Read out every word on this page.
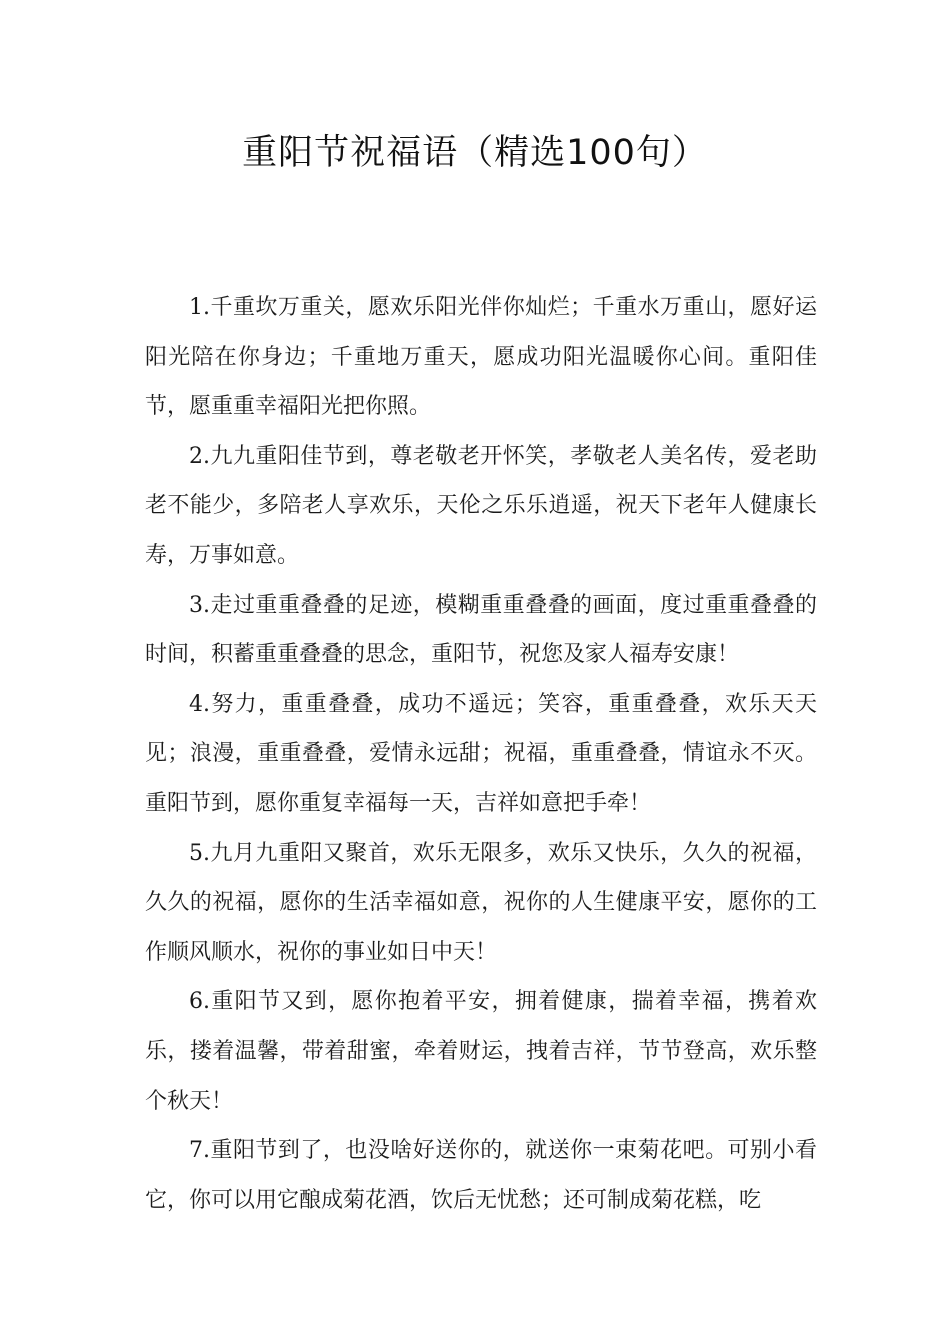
重阳节祝福语（精选100句）

1.千重坎万重关，愿欢乐阳光伴你灿烂；千重水万重山，愿好运阳光陪在你身边；千重地万重天，愿成功阳光温暖你心间。重阳佳节，愿重重幸福阳光把你照。

2.九九重阳佳节到，尊老敬老开怀笑，孝敬老人美名传，爱老助老不能少，多陪老人享欢乐，天伦之乐乐逍遥，祝天下老年人健康长寿，万事如意。

3.走过重重叠叠的足迹，模糊重重叠叠的画面，度过重重叠叠的时间，积蓄重重叠叠的思念，重阳节，祝您及家人福寿安康！

4.努力，重重叠叠，成功不遥远；笑容，重重叠叠，欢乐天天见；浪漫，重重叠叠，爱情永远甜；祝福，重重叠叠，情谊永不灭。重阳节到，愿你重复幸福每一天，吉祥如意把手牵！

5.九月九重阳又聚首，欢乐无限多，欢乐又快乐，久久的祝福，久久的祝福，愿你的生活幸福如意，祝你的人生健康平安，愿你的工作顺风顺水，祝你的事业如日中天！

6.重阳节又到，愿你抱着平安，拥着健康，揣着幸福，携着欢乐，搂着温馨，带着甜蜜，牵着财运，拽着吉祥，节节登高，欢乐整个秋天！

7.重阳节到了，也没啥好送你的，就送你一束菊花吧。可别小看它，你可以用它酿成菊花酒，饮后无忧愁；还可制成菊花糕，吃
